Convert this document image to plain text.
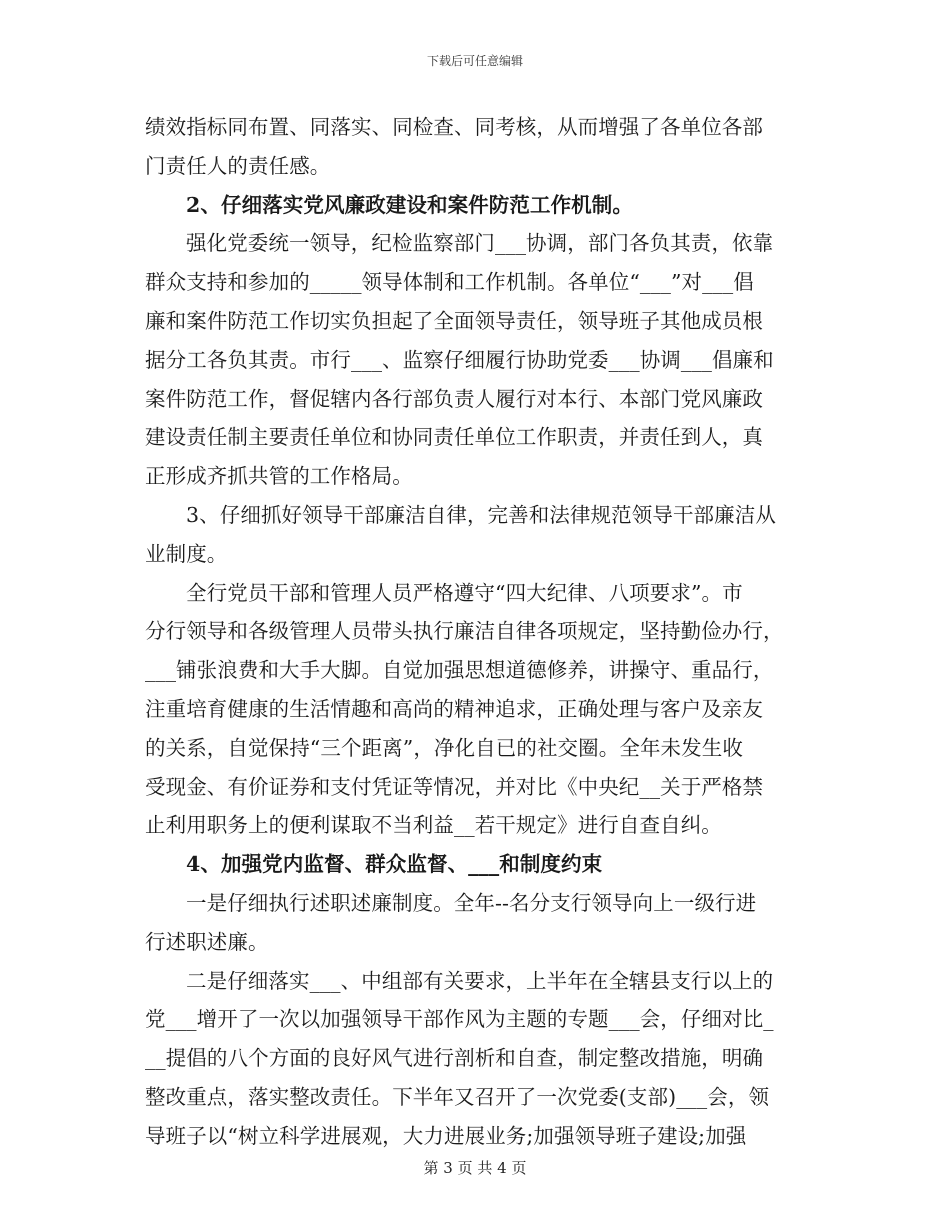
下载后可任意编辑
绩效指标同布置、同落实、同检查、同考核，从而增强了各单位各部
门责任人的责任感。
2、仔细落实党风廉政建设和案件防范工作机制。
强化党委统一领导，纪检监察部门___协调，部门各负其责，依靠
群众支持和参加的_____领导体制和工作机制。各单位“___”对___倡
廉和案件防范工作切实负担起了全面领导责任，领导班子其他成员根
据分工各负其责。市行___、监察仔细履行协助党委___协调___倡廉和
案件防范工作，督促辖内各行部负责人履行对本行、本部门党风廉政
建设责任制主要责任单位和协同责任单位工作职责，并责任到人，真
正形成齐抓共管的工作格局。
3、仔细抓好领导干部廉洁自律，完善和法律规范领导干部廉洁从
业制度。
全行党员干部和管理人员严格遵守“四大纪律、八项要求”。市
分行领导和各级管理人员带头执行廉洁自律各项规定，坚持勤俭办行，
___铺张浪费和大手大脚。自觉加强思想道德修养，讲操守、重品行，
注重培育健康的生活情趣和高尚的精神追求，正确处理与客户及亲友
的关系，自觉保持“三个距离”，净化自已的社交圈。全年未发生收
受现金、有价证券和支付凭证等情况，并对比《中央纪__关于严格禁
止利用职务上的便利谋取不当利益__若干规定》进行自查自纠。
4、加强党内监督、群众监督、___和制度约束
一是仔细执行述职述廉制度。全年--名分支行领导向上一级行进
行述职述廉。
二是仔细落实___、中组部有关要求，上半年在全辖县支行以上的
党___增开了一次以加强领导干部作风为主题的专题___会，仔细对比_
__提倡的八个方面的良好风气进行剖析和自查，制定整改措施，明确
整改重点，落实整改责任。下半年又召开了一次党委(支部)___会，领
导班子以“树立科学进展观，大力进展业务;加强领导班子建设;加强
第 3 页 共 4 页
